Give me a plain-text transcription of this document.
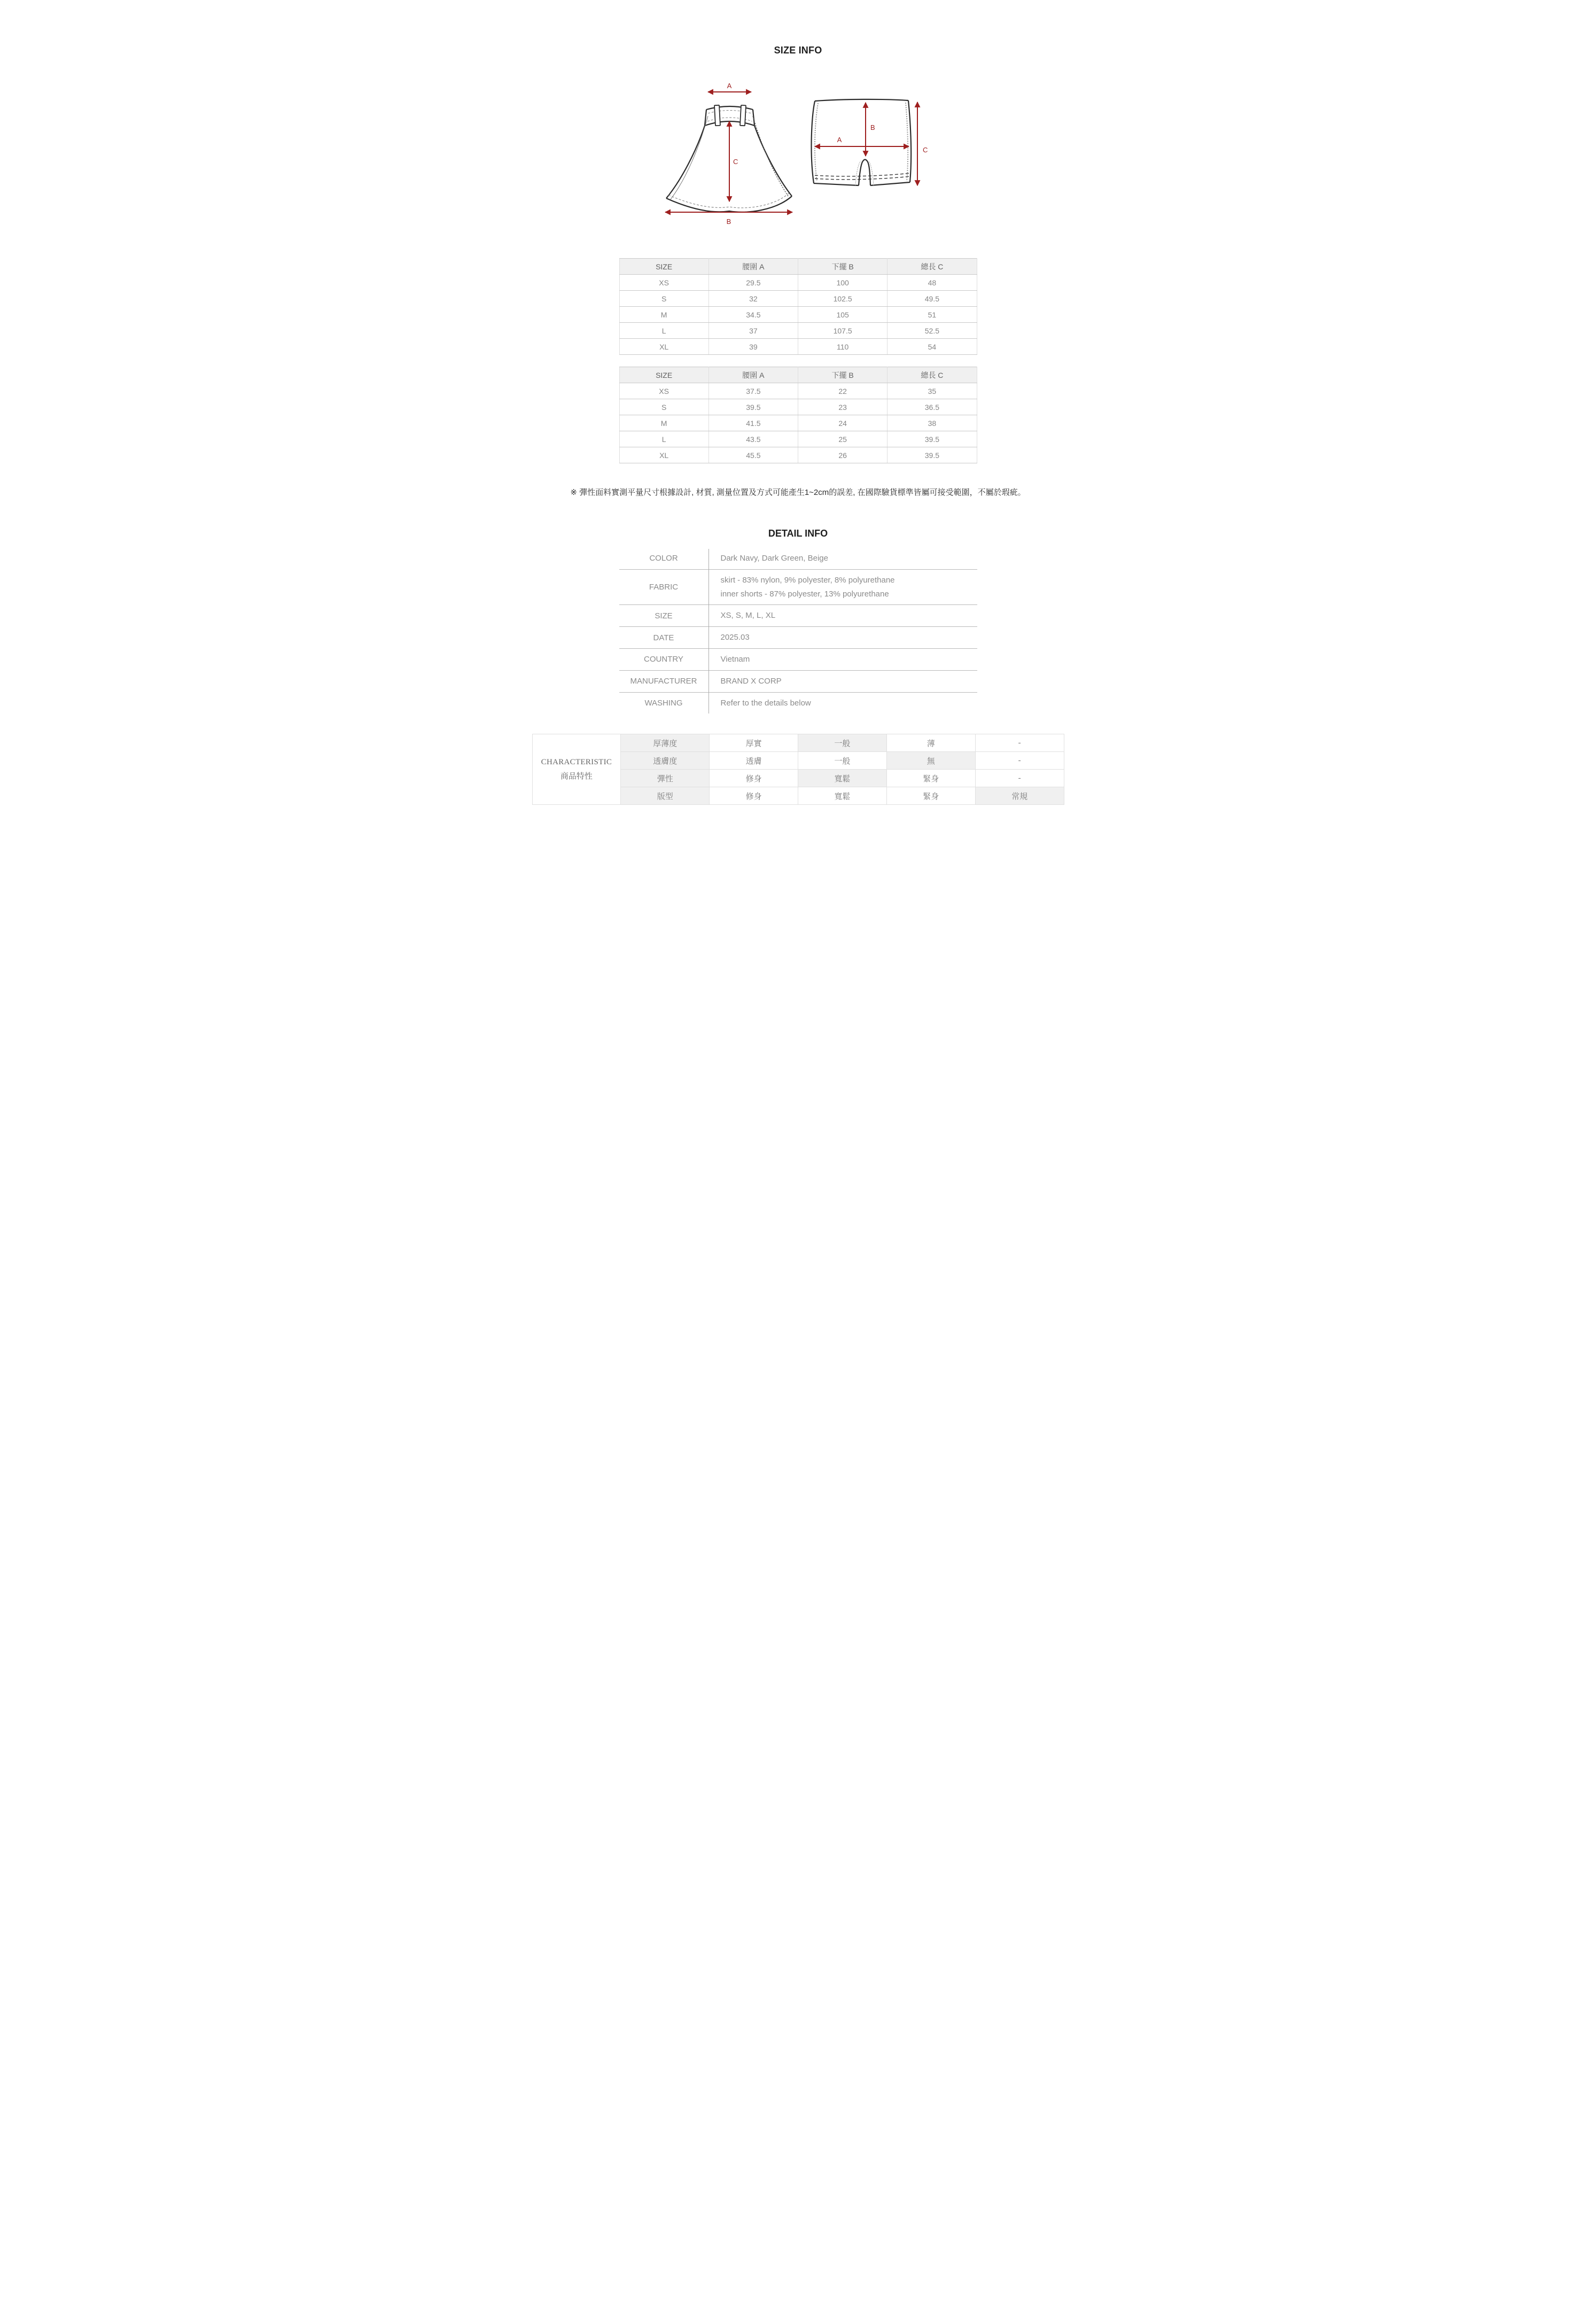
SIZE INFO
A
C
B
A
B
C
SIZE	腰圍 A	下擺 B	總長 C
XS	29.5	100	48
S	32	102.5	49.5
M	34.5	105	51
L	37	107.5	52.5
XL	39	110	54
SIZE	腰圍 A	下擺 B	總長 C
XS	37.5	22	35
S	39.5	23	36.5
M	41.5	24	38
L	43.5	25	39.5
XL	45.5	26	39.5

※ 彈性面料實測平量尺寸根據設計, 材質, 測量位置及方式可能產生1~2cm的誤差, 在國際驗貨標準皆屬可接受範圍，不屬於瑕疵。

DETAIL INFO
COLOR	Dark Navy, Dark Green, Beige
FABRIC
skirt - 83% nylon, 9% polyester, 8% polyurethane
inner shorts - 87% polyester, 13% polyurethane
SIZE	XS, S, M, L, XL
DATE	2025.03
COUNTRY	Vietnam
MANUFACTURER	BRAND X CORP
WASHING	Refer to the details below
CHARACTERISTIC
商品特性	厚薄度	厚實	一般	薄	-
	透膚度	透膚	一般	無	-
	彈性	修身	寬鬆	緊身	-
	版型	修身	寬鬆	緊身	常規
